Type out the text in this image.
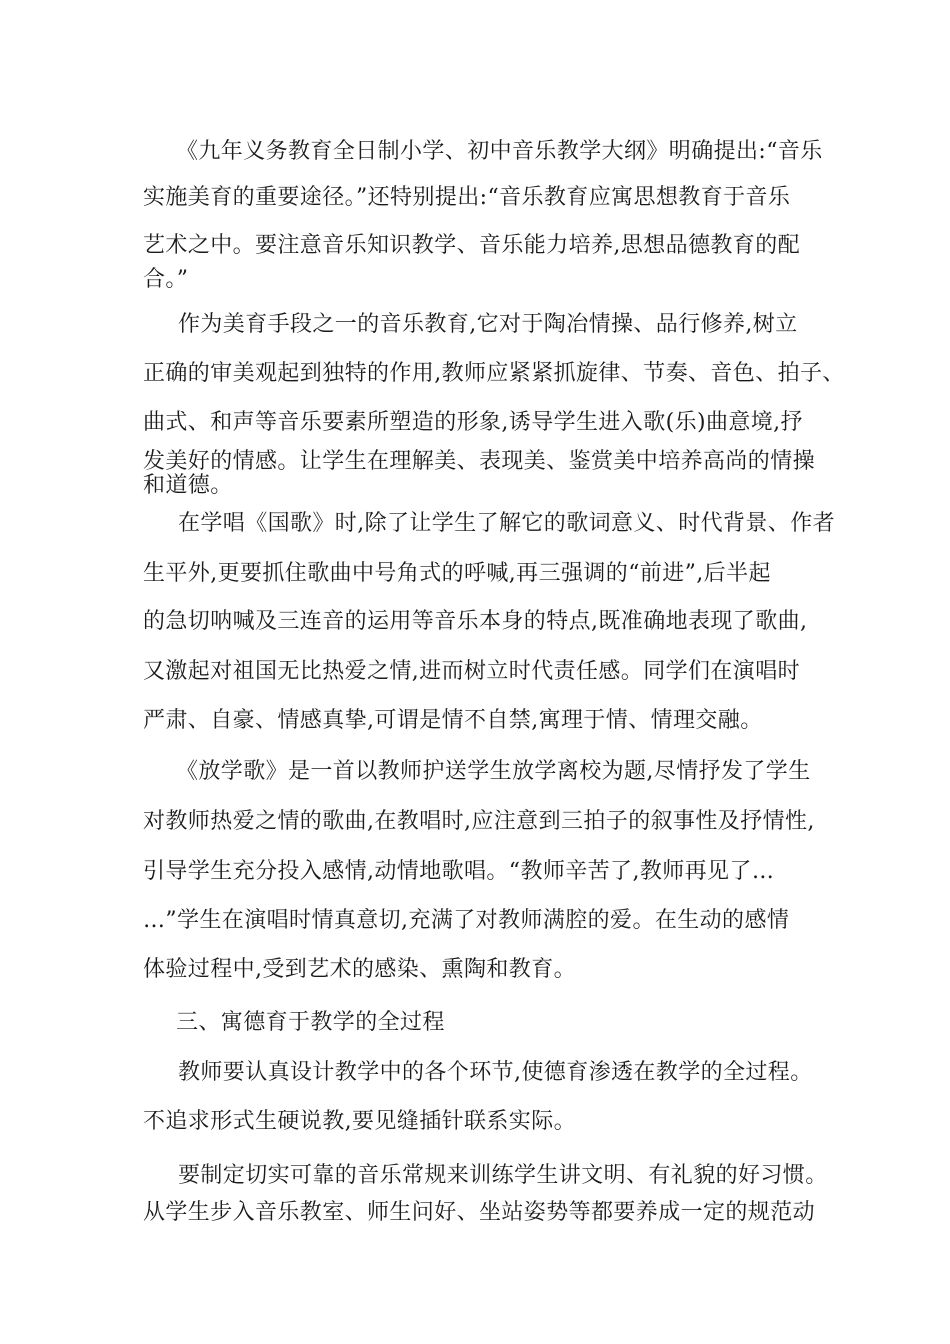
《九年义务教育全日制小学、初中音乐教学大纲》明确提出:“音乐
实施美育的重要途径。”还特别提出:“音乐教育应寓思想教育于音乐
艺术之中。要注意音乐知识教学、音乐能力培养,思想品德教育的配
合。”
作为美育手段之一的音乐教育,它对于陶冶情操、品行修养,树立
正确的审美观起到独特的作用,教师应紧紧抓旋律、节奏、音色、拍子、
曲式、和声等音乐要素所塑造的形象,诱导学生进入歌(乐)曲意境,抒
发美好的情感。让学生在理解美、表现美、鉴赏美中培养高尚的情操
和道德。
在学唱《国歌》时,除了让学生了解它的歌词意义、时代背景、作者
生平外,更要抓住歌曲中号角式的呼喊,再三强调的“前进”,后半起
的急切呐喊及三连音的运用等音乐本身的特点,既准确地表现了歌曲,
又激起对祖国无比热爱之情,进而树立时代责任感。同学们在演唱时
严肃、自豪、情感真挚,可谓是情不自禁,寓理于情、情理交融。
《放学歌》是一首以教师护送学生放学离校为题,尽情抒发了学生
对教师热爱之情的歌曲,在教唱时,应注意到三拍子的叙事性及抒情性,
引导学生充分投入感情,动情地歌唱。“教师辛苦了,教师再见了…
…”学生在演唱时情真意切,充满了对教师满腔的爱。在生动的感情
体验过程中,受到艺术的感染、熏陶和教育。
三、寓德育于教学的全过程
教师要认真设计教学中的各个环节,使德育渗透在教学的全过程。
不追求形式生硬说教,要见缝插针联系实际。
要制定切实可靠的音乐常规来训练学生讲文明、有礼貌的好习惯。
从学生步入音乐教室、师生问好、坐站姿势等都要养成一定的规范动
